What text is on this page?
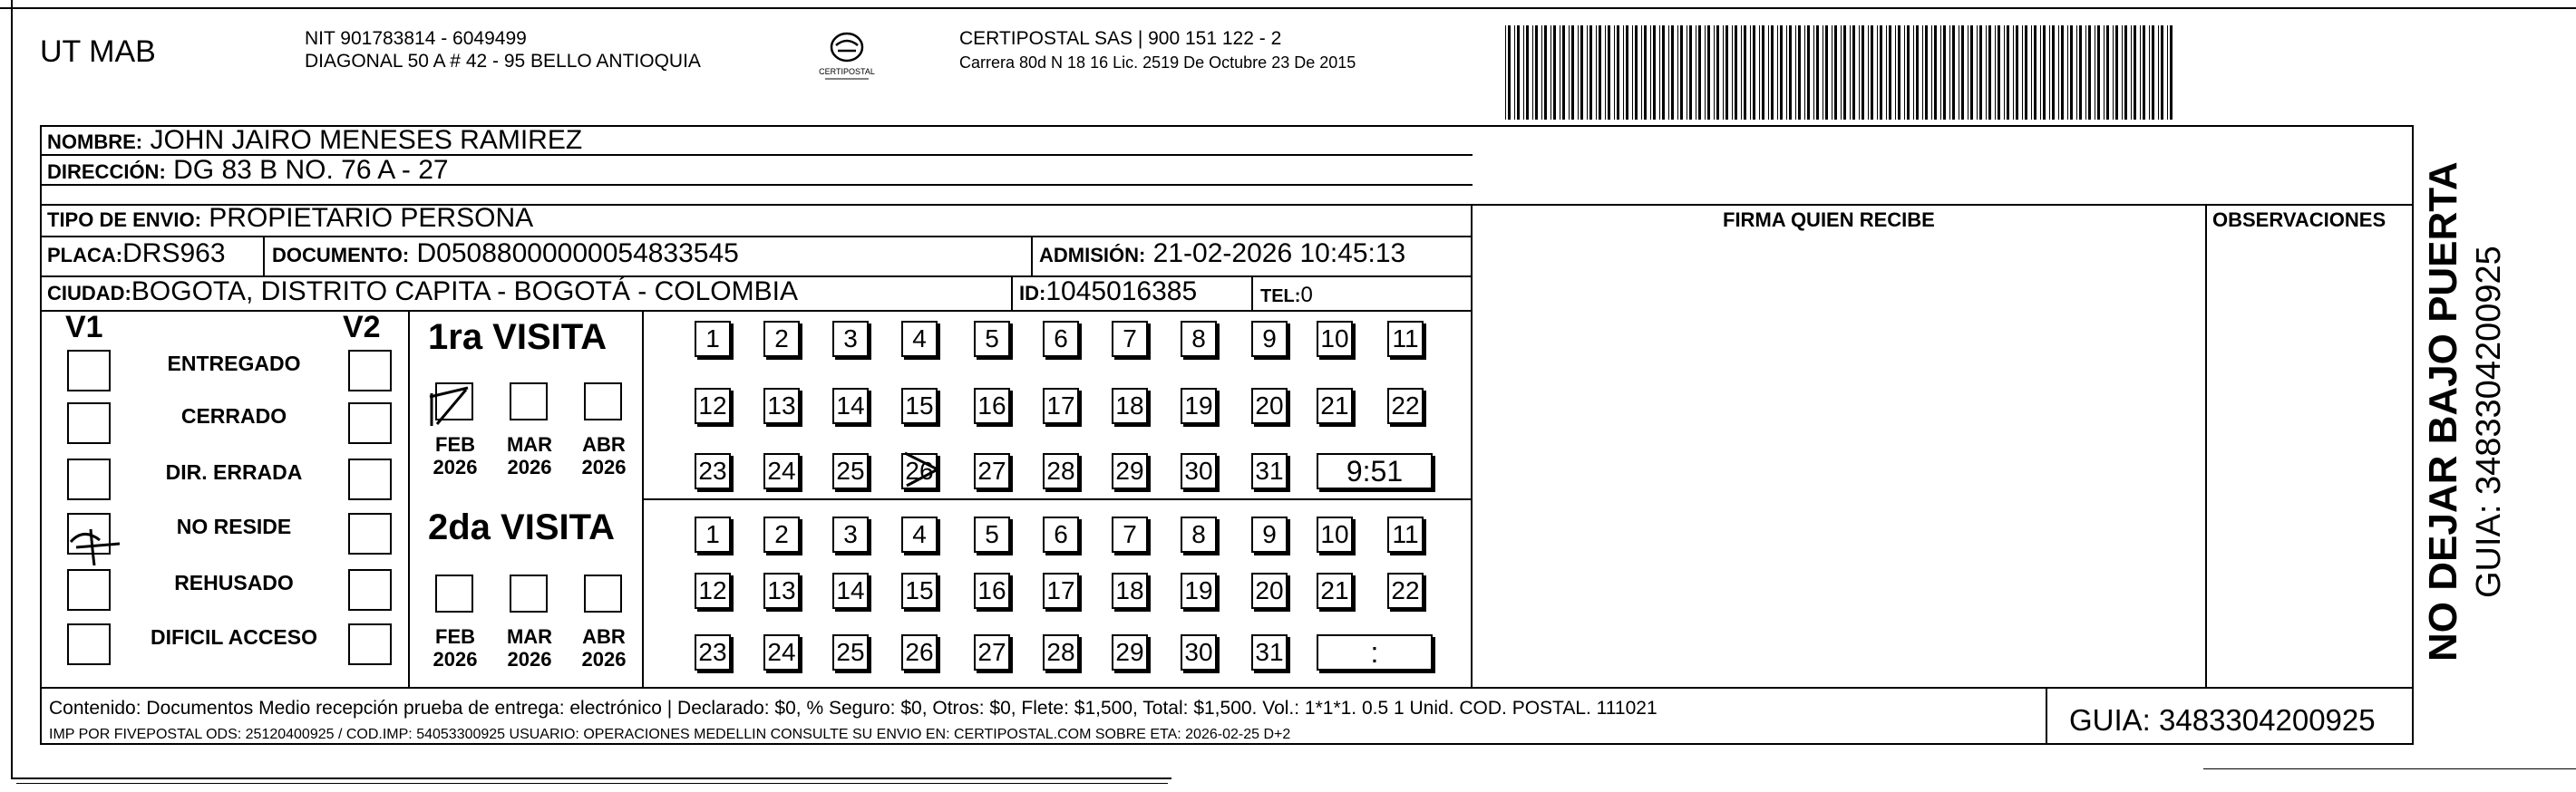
UT MAB	NIT 901783814 - 6049499
DIAGONAL 50 A # 42 - 95 BELLO ANTIOQUIA	CERTIPOSTAL
CERTIPOSTAL SAS | 900 151 122 - 2
Carrera 80d N 18 16 Lic. 2519 De Octubre 23 De 2015
NOMBRE: JOHN JAIRO MENESES RAMIREZ
DIRECCIÓN: DG 83 B NO. 76 A - 27
TIPO DE ENVIO: PROPIETARIO PERSONA	FIRMA QUIEN RECIBE	OBSERVACIONES
PLACA:DRS963 DOCUMENTO: D05088000000054833545	ADMISIÓN: 21-02-2026 10:45:13
CIUDAD:BOGOTA, DISTRITO CAPITA - BOGOTÁ - COLOMBIA	ID:1045016385	TEL:0
V1	V2
ENTREGADO
CERRADO
DIR. ERRADA
NO RESIDE
REHUSADO
DIFICIL ACCESO
1ra VISITA
FEB
2026
MAR
2026
ABR
2026
1	2	3	4	5	6	7	8	9	10 11
12 13 14 15 16 17 18 19 20 21 22
23 24 25 26 27 28 29 30 31	9:51
2da VISITA
FEB
2026
MAR
2026
ABR
2026
1	2	3	4	5	6	7	8	9	10 11
12 13 14 15 16 17 18 19 20 21 22
23 24 25 26 27 28 29 30 31	:
Contenido: Documentos Medio recepción prueba de entrega: electrónico | Declarado: $0, % Seguro: $0, Otros: $0, Flete: $1,500, Total: $1,500. Vol.: 1*1*1. 0.5 1 Unid. COD. POSTAL. 111021
IMP POR FIVEPOSTAL ODS: 25120400925 / COD.IMP: 54053300925 USUARIO: OPERACIONES MEDELLIN CONSULTE SU ENVIO EN: CERTIPOSTAL.COM SOBRE ETA: 2026-02-25 D+2	GUIA: 3483304200925
NO DEJAR BAJO PUERTA GUIA: 3483304200925
